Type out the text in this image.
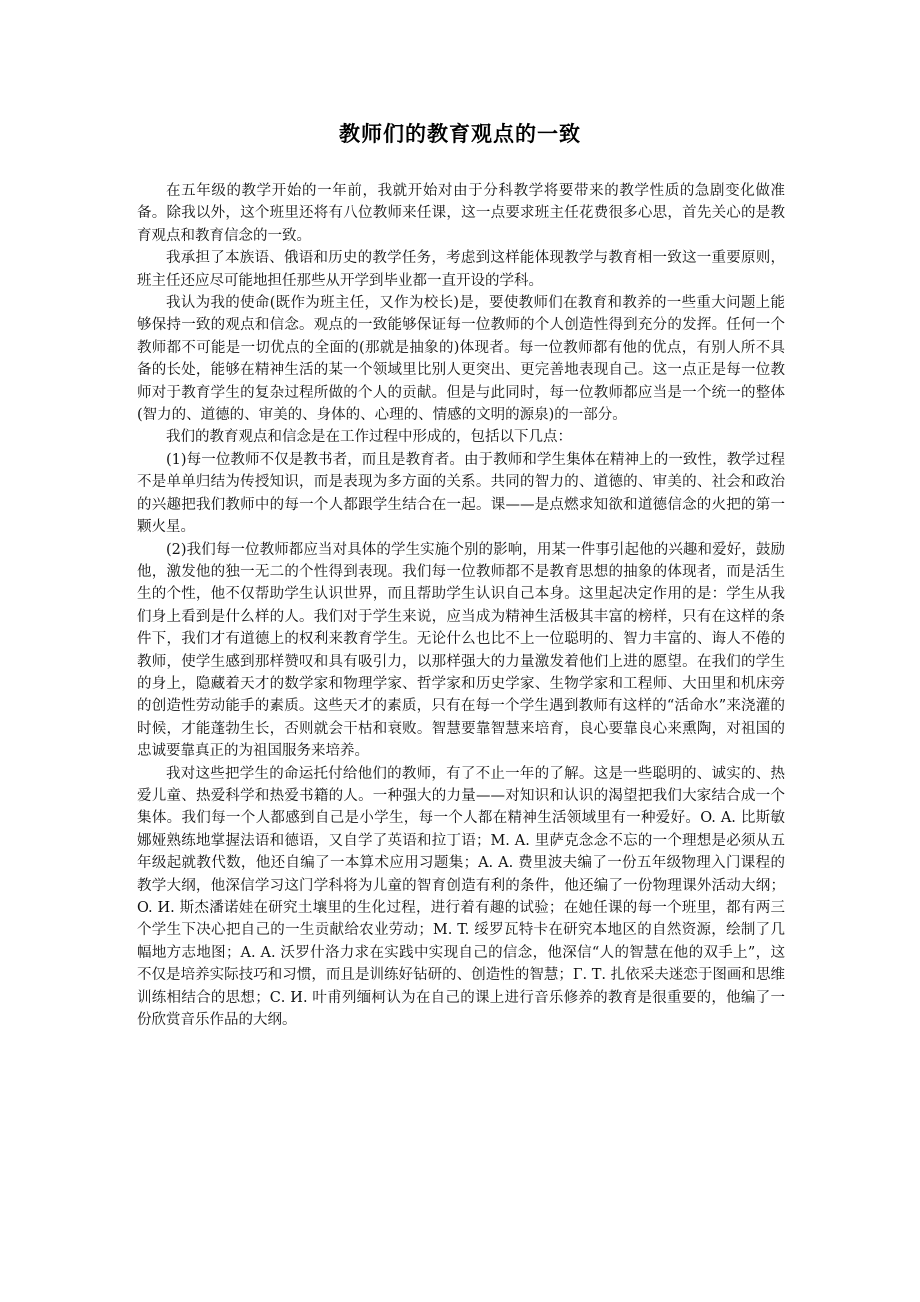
教师们的教育观点的一致

在五年级的教学开始的一年前，我就开始对由于分科教学将要带来的教学性质的急剧变化做准备。除我以外，这个班里还将有八位教师来任课，这一点要求班主任花费很多心思，首先关心的是教育观点和教育信念的一致。

我承担了本族语、俄语和历史的教学任务，考虑到这样能体现教学与教育相一致这一重要原则，班主任还应尽可能地担任那些从开学到毕业都一直开设的学科。

我认为我的使命(既作为班主任，又作为校长)是，要使教师们在教育和教养的一些重大问题上能够保持一致的观点和信念。观点的一致能够保证每一位教师的个人创造性得到充分的发挥。任何一个教师都不可能是一切优点的全面的(那就是抽象的)体现者。每一位教师都有他的优点，有别人所不具备的长处，能够在精神生活的某一个领域里比别人更突出、更完善地表现自己。这一点正是每一位教师对于教育学生的复杂过程所做的个人的贡献。但是与此同时，每一位教师都应当是一个统一的整体(智力的、道德的、审美的、身体的、心理的、情感的文明的源泉)的一部分。

我们的教育观点和信念是在工作过程中形成的，包括以下几点：

(1)每一位教师不仅是教书者，而且是教育者。由于教师和学生集体在精神上的一致性，教学过程不是单单归结为传授知识，而是表现为多方面的关系。共同的智力的、道德的、审美的、社会和政治的兴趣把我们教师中的每一个人都跟学生结合在一起。课——是点燃求知欲和道德信念的火把的第一颗火星。

(2)我们每一位教师都应当对具体的学生实施个别的影响，用某一件事引起他的兴趣和爱好，鼓励他，激发他的独一无二的个性得到表现。我们每一位教师都不是教育思想的抽象的体现者，而是活生生的个性，他不仅帮助学生认识世界，而且帮助学生认识自己本身。这里起决定作用的是：学生从我们身上看到是什么样的人。我们对于学生来说，应当成为精神生活极其丰富的榜样，只有在这样的条件下，我们才有道德上的权利来教育学生。无论什么也比不上一位聪明的、智力丰富的、诲人不倦的教师，使学生感到那样赞叹和具有吸引力，以那样强大的力量激发着他们上进的愿望。在我们的学生的身上，隐藏着天才的数学家和物理学家、哲学家和历史学家、生物学家和工程师、大田里和机床旁的创造性劳动能手的素质。这些天才的素质，只有在每一个学生遇到教师有这样的“活命水”来浇灌的时候，才能蓬勃生长，否则就会干枯和衰败。智慧要靠智慧来培育，良心要靠良心来熏陶，对祖国的忠诚要靠真正的为祖国服务来培养。

我对这些把学生的命运托付给他们的教师，有了不止一年的了解。这是一些聪明的、诚实的、热爱儿童、热爱科学和热爱书籍的人。一种强大的力量——对知识和认识的渴望把我们大家结合成一个集体。我们每一个人都感到自己是小学生，每一个人都在精神生活领域里有一种爱好。O. A. 比斯敏娜娅熟练地掌握法语和德语，又自学了英语和拉丁语；M. A. 里萨克念念不忘的一个理想是必须从五年级起就教代数，他还自编了一本算术应用习题集；A. A. 费里波夫编了一份五年级物理入门课程的教学大纲，他深信学习这门学科将为儿童的智育创造有利的条件，他还编了一份物理课外活动大纲；O. И. 斯杰潘诺娃在研究土壤里的生化过程，进行着有趣的试验；在她任课的每一个班里，都有两三个学生下决心把自己的一生贡献给农业劳动；M. T. 绥罗瓦特卡在研究本地区的自然资源，绘制了几幅地方志地图；A. A. 沃罗什洛力求在实践中实现自己的信念，他深信“人的智慧在他的双手上”，这不仅是培养实际技巧和习惯，而且是训练好钻研的、创造性的智慧；Г. Т. 扎依采夫迷恋于图画和思维训练相结合的思想；С. И. 叶甫列缅柯认为在自己的课上进行音乐修养的教育是很重要的，他编了一份欣赏音乐作品的大纲。
